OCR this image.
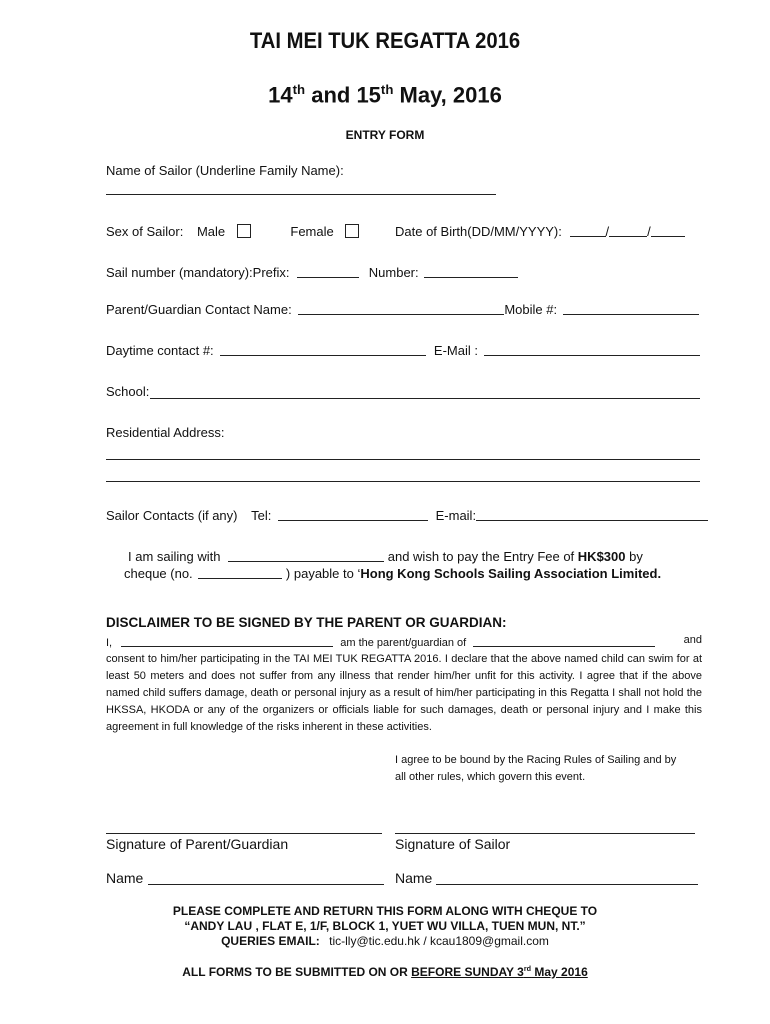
TAI MEI TUK REGATTA 2016
14th and 15th May, 2016
ENTRY FORM
Name of Sailor (Underline Family Name):
Sex of Sailor: Male	Female	Date of Birth(DD/MM/YYYY):	/	/
Sail number (mandatory):Prefix:	Number:
Parent/Guardian Contact Name:	Mobile #:
Daytime contact #:	E-Mail :
School:
Residential Address:
Sailor Contacts (if any) Tel:	E-mail:
I am sailing with	and wish to pay the Entry Fee of HK$300 by
cheque (no.	) payable to ‘Hong Kong Schools Sailing Association Limited.
DISCLAIMER TO BE SIGNED BY THE PARENT OR GUARDIAN:
I,	am the parent/guardian of	and
consent to him/her participating in the TAI MEI TUK REGATTA 2016. I declare that the above named child can swim for at least 50 meters and does not suffer from any illness that render him/her unfit for this activity. I agree that if the above named child suffers damage, death or personal injury as a result of him/her participating in this Regatta I shall not hold the HKSSA, HKODA or any of the organizers or officials liable for such damages, death or personal injury and I make this agreement in full knowledge of the risks inherent in these activities.
I agree to be bound by the Racing Rules of Sailing and by
all other rules, which govern this event.
Signature of Parent/Guardian	Signature of Sailor
Name	Name
PLEASE COMPLETE AND RETURN THIS FORM ALONG WITH CHEQUE TO
“ANDY LAU , FLAT E, 1/F, BLOCK 1, YUET WU VILLA, TUEN MUN, NT.”
QUERIES EMAIL: tic-lly@tic.edu.hk / kcau1809@gmail.com
ALL FORMS TO BE SUBMITTED ON OR BEFORE SUNDAY 3rd May 2016
